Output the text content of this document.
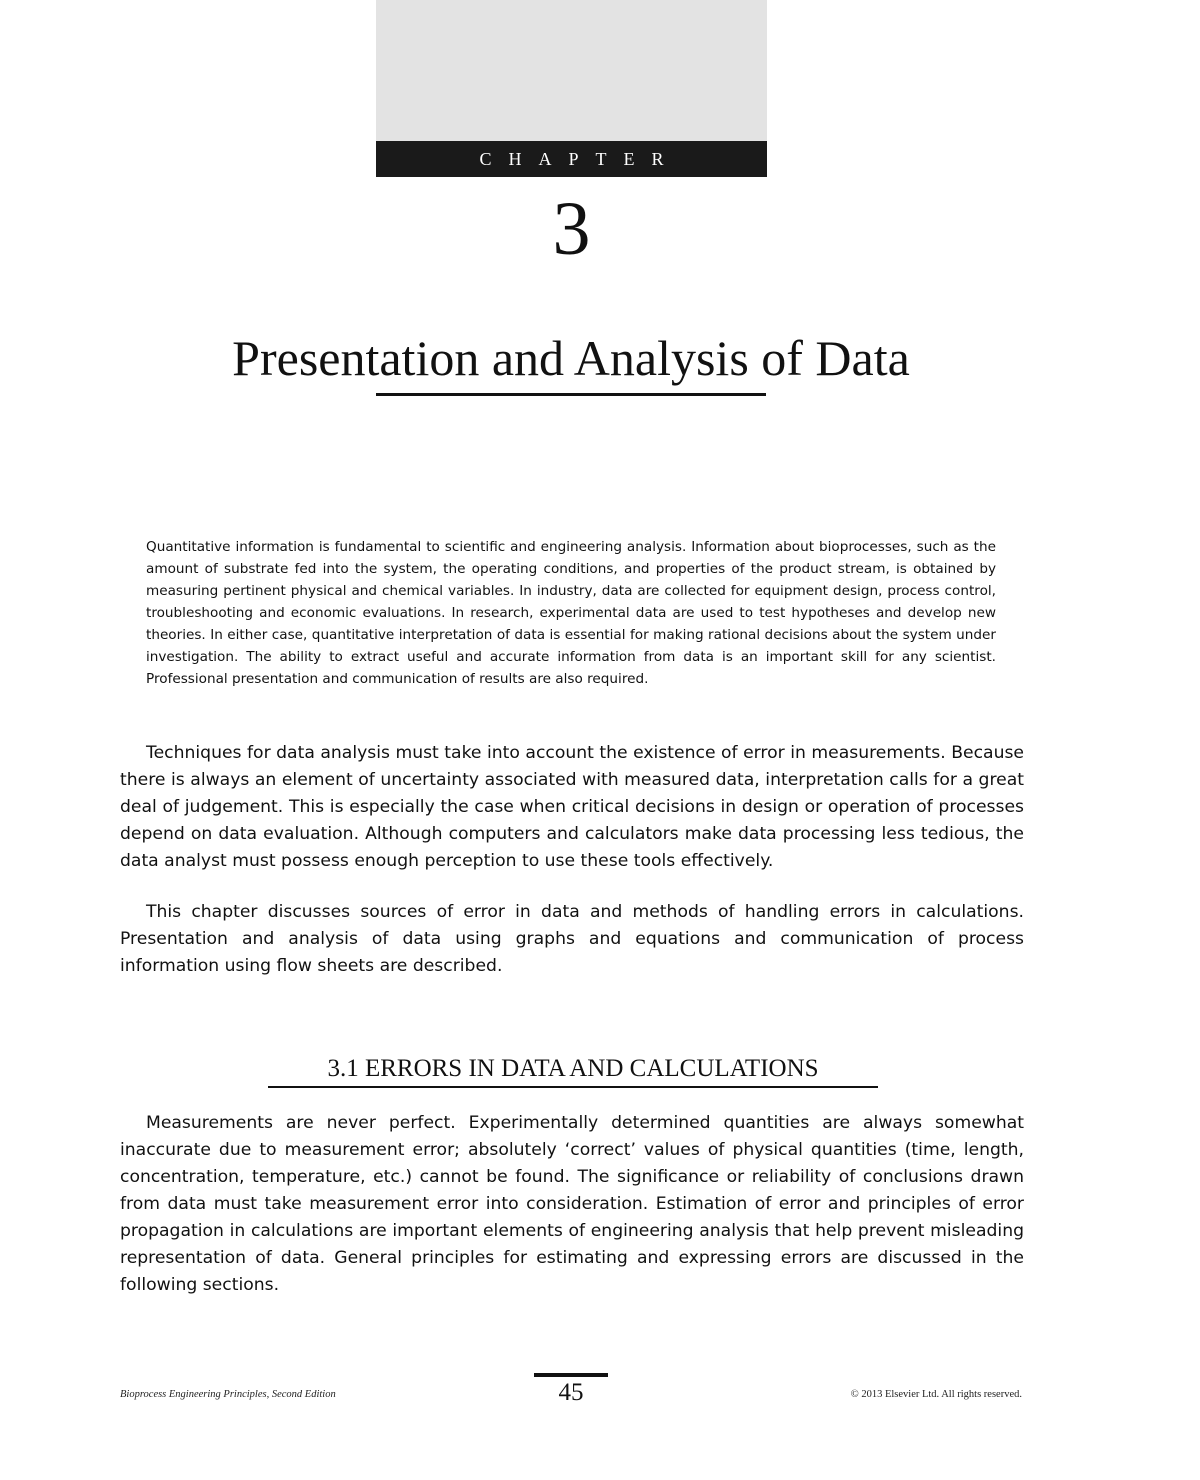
CHAPTER
3
Presentation and Analysis of Data

Quantitative information is fundamental to scientific and engineering analysis. Information about bioprocesses, such as the amount of substrate fed into the system, the operating conditions, and properties of the product stream, is obtained by measuring pertinent physical and chemical variables. In industry, data are collected for equipment design, process control, troubleshooting and economic evaluations. In research, experimental data are used to test hypotheses and develop new theories. In either case, quantitative interpretation of data is essential for making rational decisions about the system under investigation. The ability to extract useful and accurate information from data is an important skill for any scientist. Professional presentation and communication of results are also required.

Techniques for data analysis must take into account the existence of error in measurements. Because there is always an element of uncertainty associated with measured data, interpretation calls for a great deal of judgement. This is especially the case when critical decisions in design or operation of processes depend on data evaluation. Although computers and calculators make data processing less tedious, the data analyst must possess enough perception to use these tools effectively.

This chapter discusses sources of error in data and methods of handling errors in calculations. Presentation and analysis of data using graphs and equations and communication of process information using flow sheets are described.

3.1 ERRORS IN DATA AND CALCULATIONS

Measurements are never perfect. Experimentally determined quantities are always somewhat inaccurate due to measurement error; absolutely ‘correct’ values of physical quantities (time, length, concentration, temperature, etc.) cannot be found. The significance or reliability of conclusions drawn from data must take measurement error into consideration. Estimation of error and principles of error propagation in calculations are important elements of engineering analysis that help prevent misleading representation of data. General principles for estimating and expressing errors are discussed in the following sections.

Bioprocess Engineering Principles, Second Edition	45	© 2013 Elsevier Ltd. All rights reserved.
